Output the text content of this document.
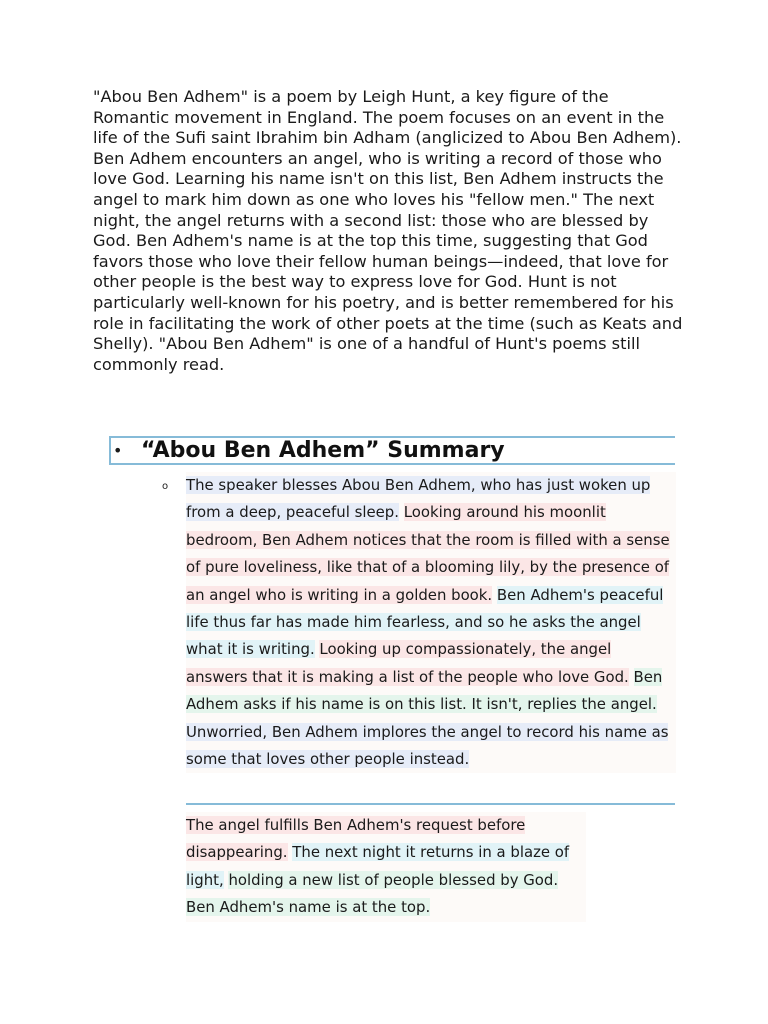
"Abou Ben Adhem" is a poem by Leigh Hunt, a key figure of the Romantic movement in England. The poem focuses on an event in the life of the Sufi saint Ibrahim bin Adham (anglicized to Abou Ben Adhem). Ben Adhem encounters an angel, who is writing a record of those who love God. Learning his name isn't on this list, Ben Adhem instructs the angel to mark him down as one who loves his "fellow men." The next night, the angel returns with a second list: those who are blessed by God. Ben Adhem's name is at the top this time, suggesting that God favors those who love their fellow human beings—indeed, that love for other people is the best way to express love for God. Hunt is not particularly well-known for his poetry, and is better remembered for his role in facilitating the work of other poets at the time (such as Keats and Shelly). "Abou Ben Adhem" is one of a handful of Hunt's poems still commonly read.

• “Abou Ben Adhem” Summary
o The speaker blesses Abou Ben Adhem, who has just woken up from a deep, peaceful sleep. Looking around his moonlit bedroom, Ben Adhem notices that the room is filled with a sense of pure loveliness, like that of a blooming lily, by the presence of an angel who is writing in a golden book. Ben Adhem's peaceful life thus far has made him fearless, and so he asks the angel what it is writing. Looking up compassionately, the angel answers that it is making a list of the people who love God. Ben Adhem asks if his name is on this list. It isn't, replies the angel. Unworried, Ben Adhem implores the angel to record his name as some that loves other people instead.

The angel fulfills Ben Adhem's request before disappearing. The next night it returns in a blaze of light, holding a new list of people blessed by God. Ben Adhem's name is at the top.
